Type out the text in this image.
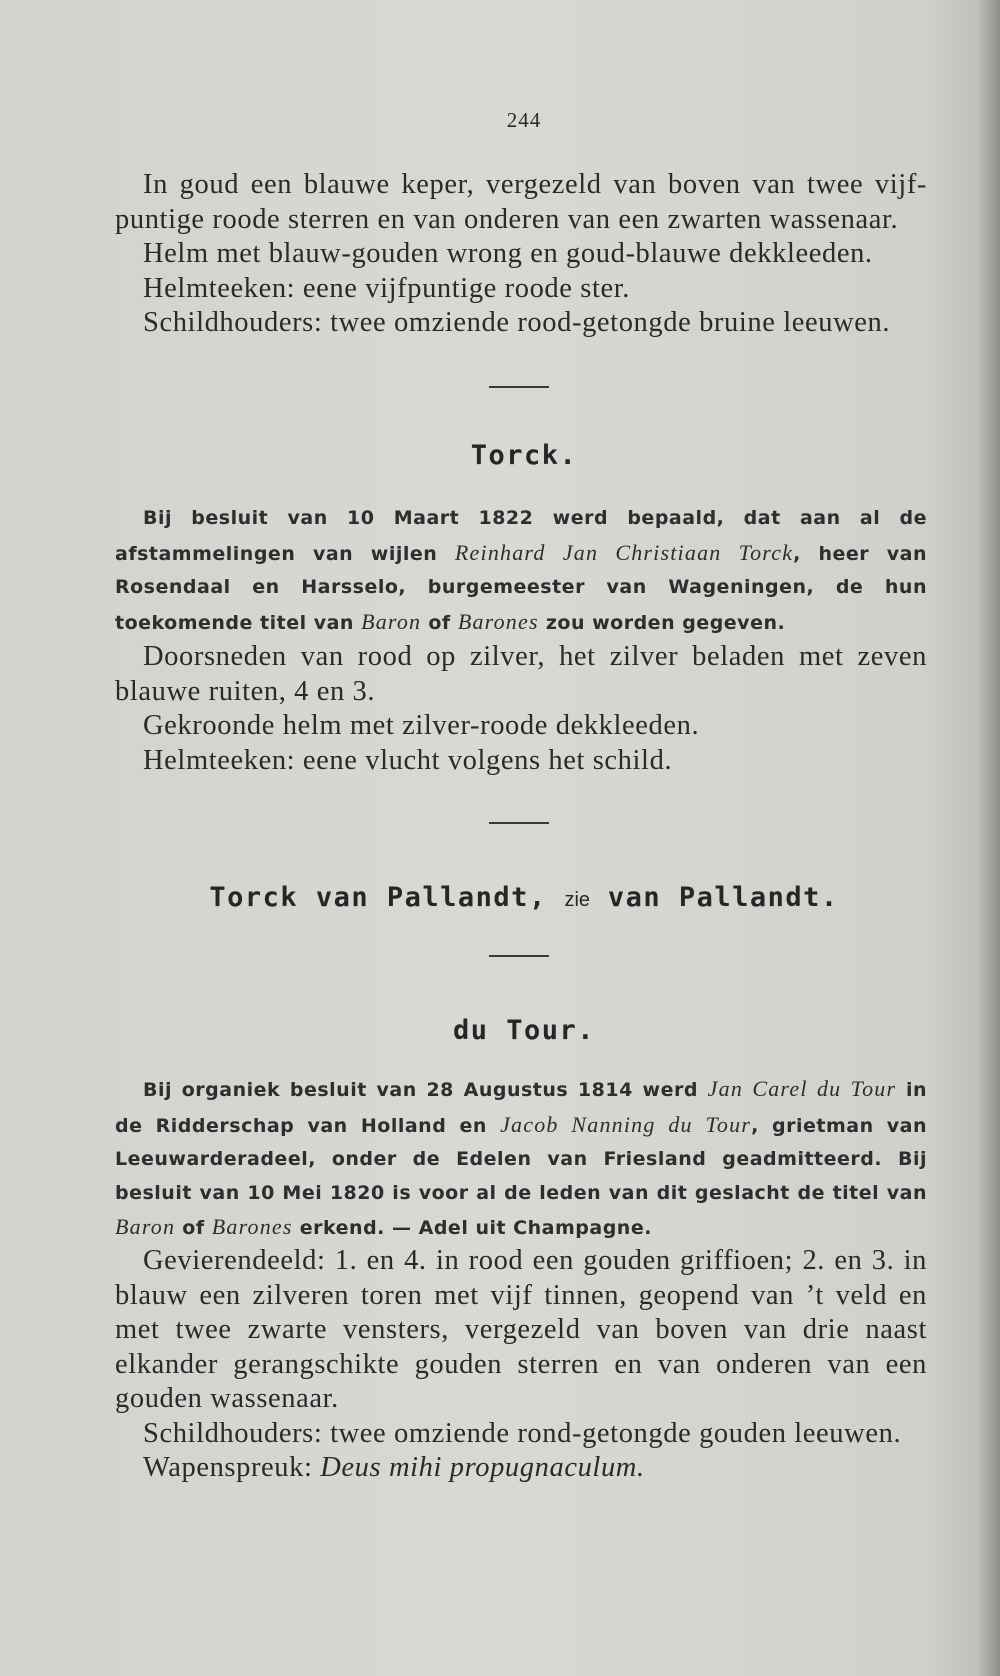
244

In goud een blauwe keper, vergezeld van boven van twee vijf-puntige roode sterren en van onderen van een zwarten wassenaar.

Helm met blauw-gouden wrong en goud-blauwe dekkleeden.

Helmteeken: eene vijfpuntige roode ster.

Schildhouders: twee omziende rood-getongde bruine leeuwen.

Torck.

Bij besluit van 10 Maart 1822 werd bepaald, dat aan al de afstammelingen van wijlen Reinhard Jan Christiaan Torck, heer van Rosendaal en Harsselo, burgemeester van Wageningen, de hun toekomende titel van Baron of Barones zou worden gegeven.

Doorsneden van rood op zilver, het zilver beladen met zeven blauwe ruiten, 4 en 3.

Gekroonde helm met zilver-roode dekkleeden.

Helmteeken: eene vlucht volgens het schild.

Torck van Pallandt, zie van Pallandt.
du Tour.

Bij organiek besluit van 28 Augustus 1814 werd Jan Carel du Tour in de Ridderschap van Holland en Jacob Nanning du Tour, grietman van Leeuwarderadeel, onder de Edelen van Friesland geadmitteerd. Bij besluit van 10 Mei 1820 is voor al de leden van dit geslacht de titel van Baron of Barones erkend. — Adel uit Champagne.

Gevierendeeld: 1. en 4. in rood een gouden griffioen; 2. en 3. in blauw een zilveren toren met vijf tinnen, geopend van ’t veld en met twee zwarte vensters, vergezeld van boven van drie naast elkander gerangschikte gouden sterren en van onderen van een gouden wassenaar.

Schildhouders: twee omziende rond-getongde gouden leeuwen.

Wapenspreuk: Deus mihi propugnaculum.
